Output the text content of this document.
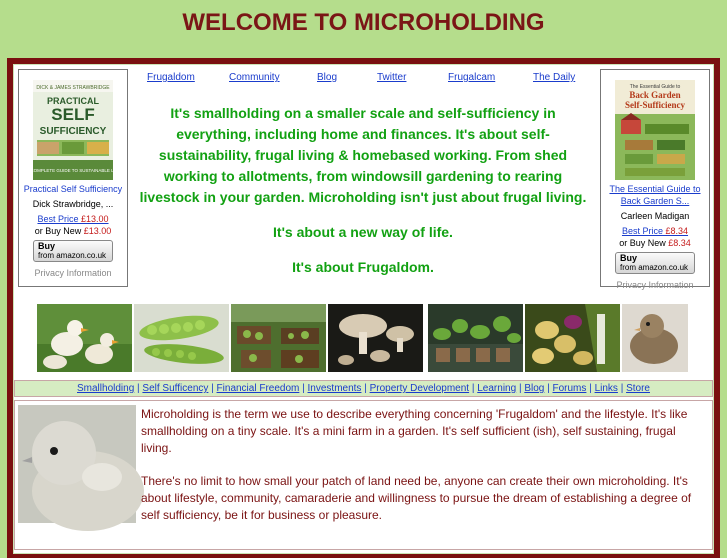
WELCOME TO MICROHOLDING
DICK & JAMES STRAWBRIDGE
PRACTICAL
SELF
SUFFICIENCY
THE COMPLETE GUIDE TO SUSTAINABLE LIVING
Practical Self Sufficiency
Dick Strawbridge, ...
Best Price £13.00
or Buy New £13.00
Buy
from amazon.co.uk
Privacy Information
The Essential Guide to
Back Garden
Self-Sufficiency
The Essential Guide to Back Garden S...
Carleen Madigan
Best Price £8.34
or Buy New £8.34
Buy
from amazon.co.uk
Privacy Information
Frugaldom	Community	Blog	Twitter	Frugalcam	The Daily

It's smallholding on a smaller scale and self-sufficiency in everything, including home and finances. It's about self-sustainability, frugal living & homebased working. From shed working to allotments, from windowsill gardening to rearing livestock in your garden. Microholding isn't just about frugal living.

It's about a new way of life.

It's about Frugaldom.

Smallholding | Self Sufficency | Financial Freedom | Investments | Property Development | Learning | Blog | Forums | Links | Store

Microholding is the term we use to describe everything concerning 'Frugaldom' and the lifestyle. It's like smallholding on a tiny scale. It's a mini farm in a garden. It's self sufficient (ish), self sustaining, frugal living.

There's no limit to how small your patch of land need be, anyone can create their own microholding. It's about lifestyle, community, camaraderie and willingness to pursue the dream of establishing a degree of self sufficiency, be it for business or pleasure.
